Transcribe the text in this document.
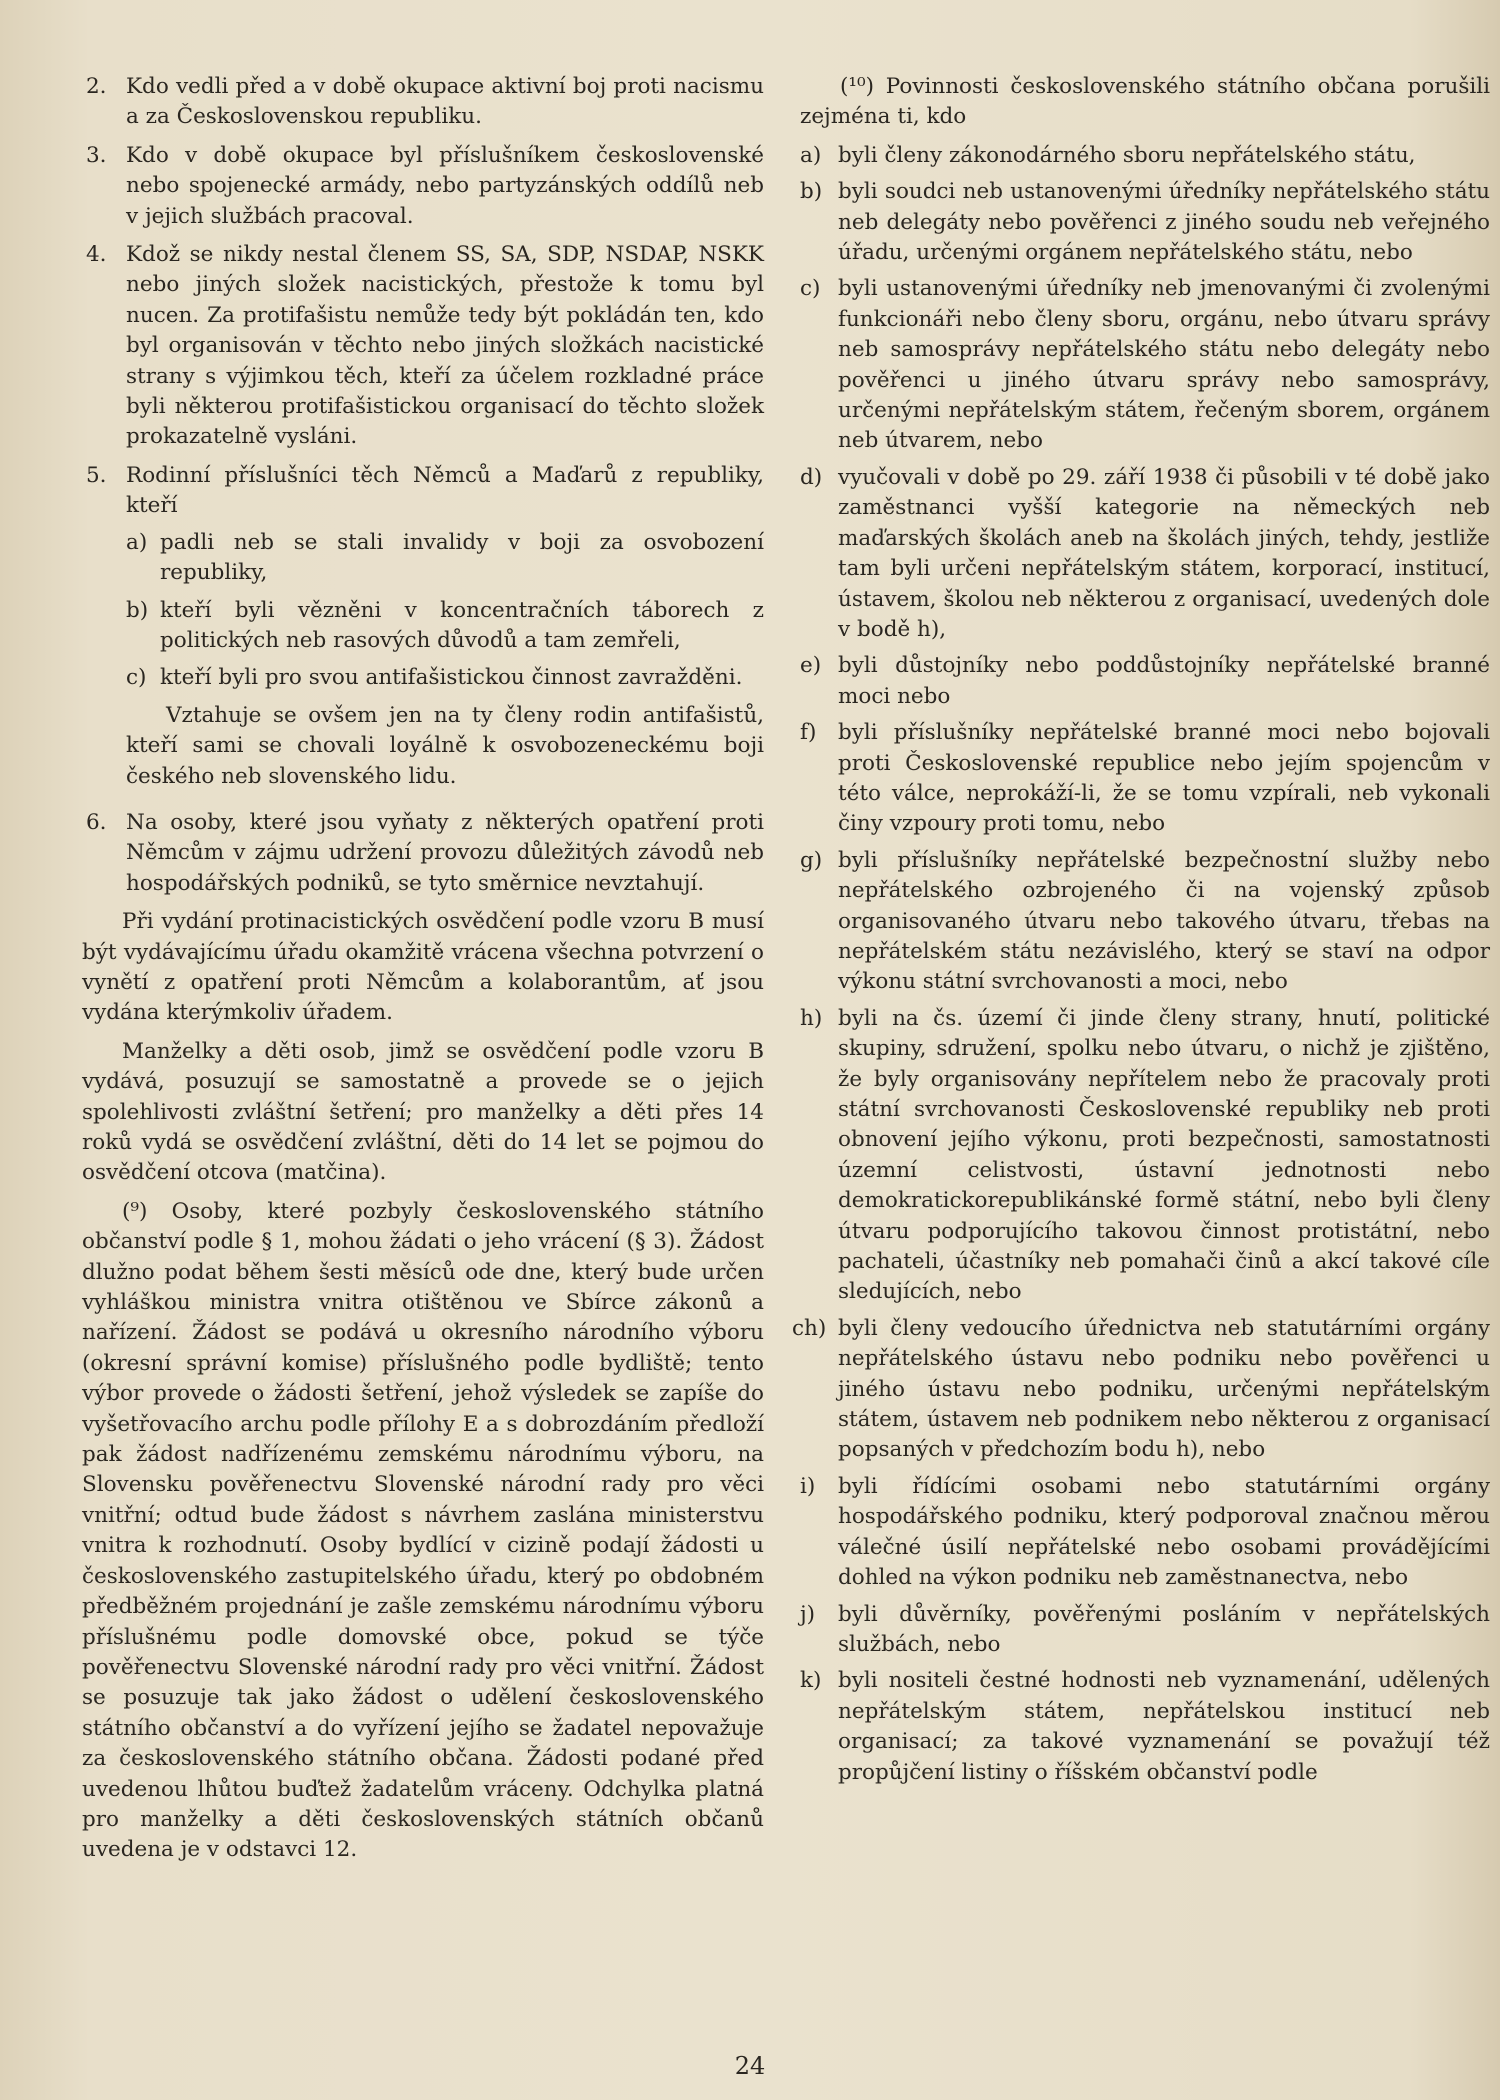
2. Kdo vedli před a v době okupace aktivní boj proti nacismu a za Československou republiku.
3. Kdo v době okupace byl příslušníkem československé nebo spojenecké armády, nebo partyzánských oddílů neb v jejich službách pracoval.
4. Kdož se nikdy nestal členem SS, SA, SDP, NSDAP, NSKK nebo jiných složek nacistických, přestože k tomu byl nucen. Za protifašistu nemůže tedy být pokládán ten, kdo byl organisován v těchto nebo jiných složkách nacistické strany s výjimkou těch, kteří za účelem rozkladné práce byli některou protifašistickou organisací do těchto složek prokazatelně vysláni.
5. Rodinní příslušníci těch Němců a Maďarů z republiky, kteří
a) padli neb se stali invalidy v boji za osvobození republiky,
b) kteří byli vězněni v koncentračních táborech z politických neb rasových důvodů a tam zemřeli,
c) kteří byli pro svou antifašistickou činnost zavražděni.

Vztahuje se ovšem jen na ty členy rodin antifašistů, kteří sami se chovali loyálně k osvobozeneckému boji českého neb slovenského lidu.

6. Na osoby, které jsou vyňaty z některých opatření proti Němcům v zájmu udržení provozu důležitých závodů neb hospodářských podniků, se tyto směrnice nevztahují.

Při vydání protinacistických osvědčení podle vzoru B musí být vydávajícímu úřadu okamžitě vrácena všechna potvrzení o vynětí z opatření proti Němcům a kolaborantům, ať jsou vydána kterýmkoliv úřadem.

Manželky a děti osob, jimž se osvědčení podle vzoru B vydává, posuzují se samostatně a provede se o jejich spolehlivosti zvláštní šetření; pro manželky a děti přes 14 roků vydá se osvědčení zvláštní, děti do 14 let se pojmou do osvědčení otcova (matčina).

(⁹) Osoby, které pozbyly československého státního občanství podle § 1, mohou žádati o jeho vrácení (§ 3). Žádost dlužno podat během šesti měsíců ode dne, který bude určen vyhláškou ministra vnitra otištěnou ve Sbírce zákonů a nařízení. Žádost se podává u okresního národního výboru (okresní správní komise) příslušného podle bydliště; tento výbor provede o žádosti šetření, jehož výsledek se zapíše do vyšetřovacího archu podle přílohy E a s dobrozdáním předloží pak žádost nadřízenému zemskému národnímu výboru, na Slovensku pověřenectvu Slovenské národní rady pro věci vnitřní; odtud bude žádost s návrhem zaslána ministerstvu vnitra k rozhodnutí. Osoby bydlící v cizině podají žádosti u československého zastupitelského úřadu, který po obdobném předběžném projednání je zašle zemskému národnímu výboru příslušnému podle domovské obce, pokud se týče pověřenectvu Slovenské národní rady pro věci vnitřní. Žádost se posuzuje tak jako žádost o udělení československého státního občanství a do vyřízení jejího se žadatel nepovažuje za československého státního občana. Žádosti podané před uvedenou lhůtou buďtež žadatelům vráceny. Odchylka platná pro manželky a děti československých státních občanů uvedena je v odstavci 12.

(¹⁰) Povinnosti československého státního občana porušili zejména ti, kdo

a) byli členy zákonodárného sboru nepřátelského státu,
b) byli soudci neb ustanovenými úředníky nepřátelského státu neb delegáty nebo pověřenci z jiného soudu neb veřejného úřadu, určenými orgánem nepřátelského státu, nebo
c) byli ustanovenými úředníky neb jmenovanými či zvolenými funkcionáři nebo členy sboru, orgánu, nebo útvaru správy neb samosprávy nepřátelského státu nebo delegáty nebo pověřenci u jiného útvaru správy nebo samosprávy, určenými nepřátelským státem, řečeným sborem, orgánem neb útvarem, nebo
d) vyučovali v době po 29. září 1938 či působili v té době jako zaměstnanci vyšší kategorie na německých neb maďarských školách aneb na školách jiných, tehdy, jestliže tam byli určeni nepřátelským státem, korporací, institucí, ústavem, školou neb některou z organisací, uvedených dole v bodě h),
e) byli důstojníky nebo poddůstojníky nepřátelské branné moci nebo
f)	byli příslušníky nepřátelské branné moci nebo bojovali proti Československé republice nebo jejím spojencům v této válce, neprokáží-li, že se tomu vzpírali, neb vykonali činy vzpoury proti tomu, nebo
g) byli příslušníky nepřátelské bezpečnostní služby nebo nepřátelského ozbrojeného či na vojenský způsob organisovaného útvaru nebo takového útvaru, třebas na nepřátelském státu nezávislého, který se staví na odpor výkonu státní svrchovanosti a moci, nebo
h) byli na čs. území či jinde členy strany, hnutí, politické skupiny, sdružení, spolku nebo útvaru, o nichž je zjištěno, že byly organisovány nepřítelem nebo že pracovaly proti státní svrchovanosti Československé republiky neb proti obnovení jejího výkonu, proti bezpečnosti, samostatnosti územní celistvosti, ústavní jednotnosti nebo demokratickorepublikánské formě státní, nebo byli členy útvaru podporujícího takovou činnost protistátní, nebo pachateli, účastníky neb pomahači činů a akcí takové cíle sledujících, nebo
ch) byli členy vedoucího úřednictva neb statutárními orgány nepřátelského ústavu nebo podniku nebo pověřenci u jiného ústavu nebo podniku, určenými nepřátelským státem, ústavem neb podnikem nebo některou z organisací popsaných v předchozím bodu h), nebo
i)	byli řídícími osobami nebo statutárními orgány hospodářského podniku, který podporoval značnou měrou válečné úsilí nepřátelské nebo osobami provádějícími dohled na výkon podniku neb zaměstnanectva, nebo
j)	byli důvěrníky, pověřenými posláním v nepřátelských službách, nebo
k) byli nositeli čestné hodnosti neb vyznamenání, udělených nepřátelským státem, nepřátelskou institucí neb organisací; za takové vyznamenání se považují též propůjčení listiny o říšském občanství podle
24
